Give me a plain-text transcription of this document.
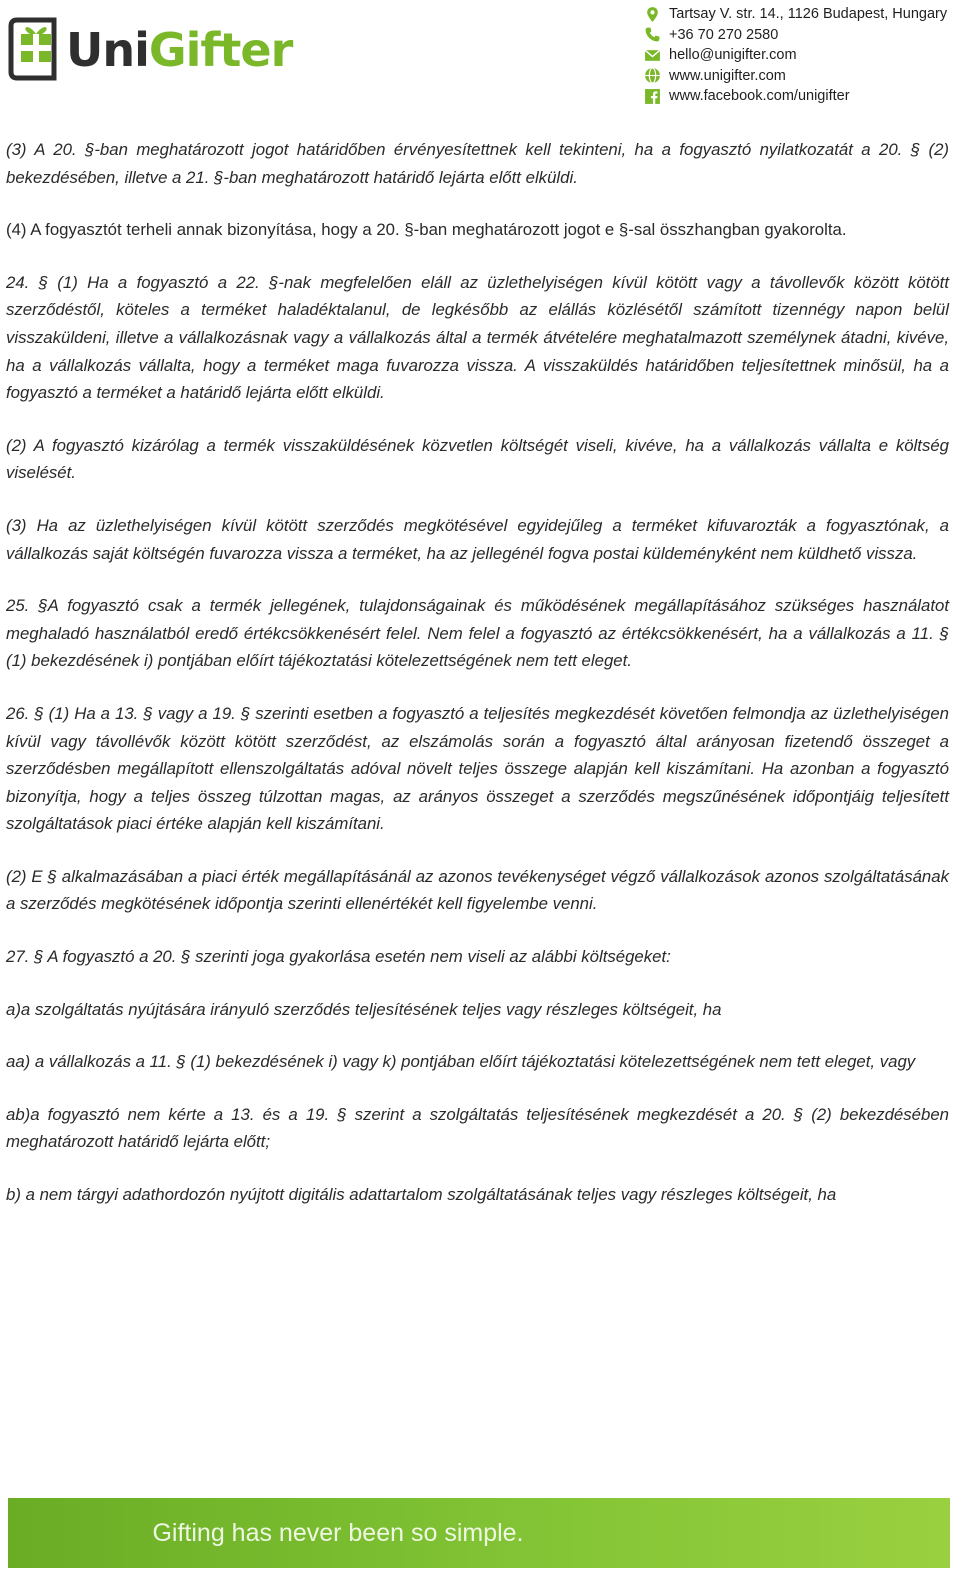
UniGifter
Tartsay V. str. 14., 1126 Budapest, Hungary
+36 70 270 2580
hello@unigifter.com
www.unigifter.com
www.facebook.com/unigifter

(3) A 20. §-ban meghatározott jogot határidőben érvényesítettnek kell tekinteni, ha a fogyasztó nyilatkozatát a 20. § (2) bekezdésében, illetve a 21. §-ban meghatározott határidő lejárta előtt elküldi.

(4) A fogyasztót terheli annak bizonyítása, hogy a 20. §-ban meghatározott jogot e §-sal összhangban gyakorolta.

24. § (1) Ha a fogyasztó a 22. §-nak megfelelően eláll az üzlethelyiségen kívül kötött vagy a távollevők között kötött szerződéstől, köteles a terméket haladéktalanul, de legkésőbb az elállás közlésétől számított tizennégy napon belül visszaküldeni, illetve a vállalkozásnak vagy a vállalkozás által a termék átvételére meghatalmazott személynek átadni, kivéve, ha a vállalkozás vállalta, hogy a terméket maga fuvarozza vissza. A visszaküldés határidőben teljesítettnek minősül, ha a fogyasztó a terméket a határidő lejárta előtt elküldi.

(2) A fogyasztó kizárólag a termék visszaküldésének közvetlen költségét viseli, kivéve, ha a vállalkozás vállalta e költség viselését.

(3) Ha az üzlethelyiségen kívül kötött szerződés megkötésével egyidejűleg a terméket kifuvarozták a fogyasztónak, a vállalkozás saját költségén fuvarozza vissza a terméket, ha az jellegénél fogva postai küldeményként nem küldhető vissza.

25. §A fogyasztó csak a termék jellegének, tulajdonságainak és működésének megállapításához szükséges használatot meghaladó használatból eredő értékcsökkenésért felel. Nem felel a fogyasztó az értékcsökkenésért, ha a vállalkozás a 11. § (1) bekezdésének i) pontjában előírt tájékoztatási kötelezettségének nem tett eleget.

26. § (1) Ha a 13. § vagy a 19. § szerinti esetben a fogyasztó a teljesítés megkezdését követően felmondja az üzlethelyiségen kívül vagy távollévők között kötött szerződést, az elszámolás során a fogyasztó által arányosan fizetendő összeget a szerződésben megállapított ellenszolgáltatás adóval növelt teljes összege alapján kell kiszámítani. Ha azonban a fogyasztó bizonyítja, hogy a teljes összeg túlzottan magas, az arányos összeget a szerződés megszűnésének időpontjáig teljesített szolgáltatások piaci értéke alapján kell kiszámítani.

(2) E § alkalmazásában a piaci érték megállapításánál az azonos tevékenységet végző vállalkozások azonos szolgáltatásának a szerződés megkötésének időpontja szerinti ellenértékét kell figyelembe venni.

27. § A fogyasztó a 20. § szerinti joga gyakorlása esetén nem viseli az alábbi költségeket:

a)a szolgáltatás nyújtására irányuló szerződés teljesítésének teljes vagy részleges költségeit, ha

aa) a vállalkozás a 11. § (1) bekezdésének i) vagy k) pontjában előírt tájékoztatási kötelezettségének nem tett eleget, vagy

ab)a fogyasztó nem kérte a 13. és a 19. § szerint a szolgáltatás teljesítésének megkezdését a 20. § (2) bekezdésében meghatározott határidő lejárta előtt;

b) a nem tárgyi adathordozón nyújtott digitális adattartalom szolgáltatásának teljes vagy részleges költségeit, ha

Gifting has never been so simple.
